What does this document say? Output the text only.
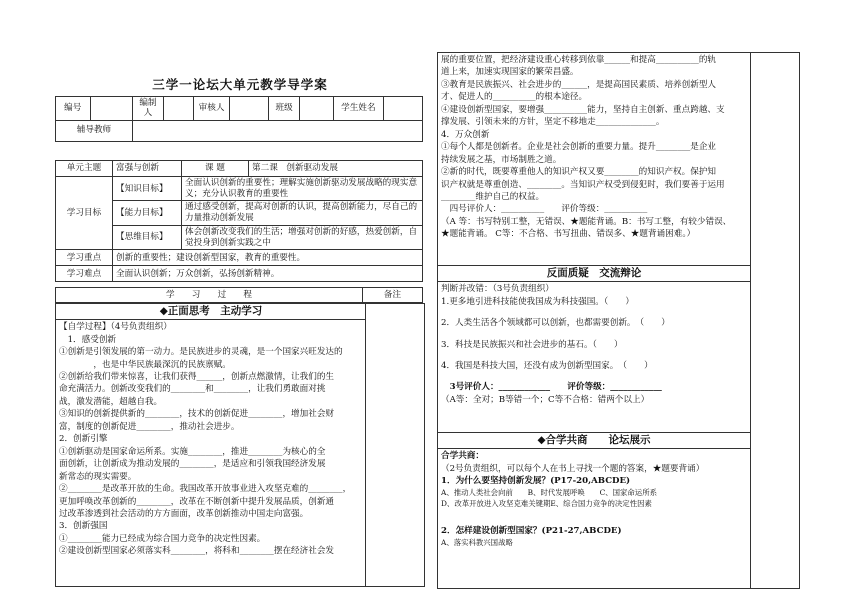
三学一论坛大单元教学导学案
编号		编制人		审核人		班级		学生姓名	
辅导教师									
单元主题	富强与创新	课 题	第二课　创新驱动发展
学习目标	【知识目标】	全面认识创新的重要性；理解实施创新驱动发展战略的现实意义；充分认识教育的重要性	
	【能力目标】	通过感受创新，提高对创新的认识，提高创新能力，尽自己的力量推动创新发展	
	【思维目标】	体会创新改变我们的生活；增强对创新的好感，热爱创新，自觉投身到创新实践之中	
学习重点	创新的重要性；建设创新型国家，教育的重要性。		
学习难点	全面认识创新；万众创新，弘扬创新精神。		
学　　习　　过　　程	备注
◆正面思考　主动学习
【自学过程】（4号负责组织）
　1．感受创新
①创新是引领发展的第一动力。是民族进步的灵魂，是一个国家兴旺发达的
　　　　，也是中华民族最深沉的民族禀赋。
②创新给我们带来惊喜，让我们获得______，创新点燃激情，让我们的生
命充满活力。创新改变我们的________和________，让我们勇敢面对挑
战，激发潜能，超越自我。
③知识的创新提供新的________，技术的创新促进________，增加社会财
富，制度的创新促进________，推动社会进步。
2．创新引擎
①创新驱动是国家命运所系。实施________，推进________为核心的全
面创新，让创新成为推动发展的________，是适应和引领我国经济发展
新常态的现实需要。
②________是改革开放的生命。我国改革开放事业进入攻坚克难的________，
更加呼唤改革创新的________，改革在不断创新中提升发展品质，创新通
过改革渗透到社会活动的方方面面，改革创新推动中国走向富强。
3．创新强国
①________能力已经成为综合国力竞争的决定性因素。
②建设创新型国家必须落实科________，将科和________摆在经济社会发
展的重要位置，把经济建设重心转移到依靠______和提高__________的轨
道上来，加速实现国家的繁荣昌盛。
③教育是民族振兴、社会进步的______，是提高国民素质、培养创新型人
才、促进人的__________的根本途径。
④建设创新型国家，要增强__________能力，坚持自主创新、重点跨越、支
撑发展、引领未来的方针，坚定不移地走______________。
4．万众创新
①每个人都是创新者。企业是社会创新的重要力量。提升________是企业
持续发展之基，市场制胜之道。
②新的时代，既要尊重他人的知识产权又要________的知识产权。保护知
识产权就是尊重创造、________。当知识产权受到侵犯时，我们要善于运用
________维护自己的权益。
　四号评价人：__________　　评价等级：__________
（A 等：书写特别工整，无错误、★题能背诵。B：书写工整，有较少错误、
★题能背诵。 C等：不合格、书写扭曲、错误多、★题背诵困难。）
反面质疑　交流辩论
判断并改错：（3号负责组织）
1.更多地引进科技能使我国成为科技强国。（　　）
2．人类生活各个领域都可以创新，也都需要创新。　（　　）
3．科技是民族振兴和社会进步的基石。（　　）
4．我国是科技大国，还没有成为创新型国家。　（　　）
　3号评价人：____________　　评价等级：____________
（A等：全对；B等错一个；C等不合格：错两个以上）
◆合学共商　　论坛展示
合学共商：
（2号负责组织，可以每个人在书上寻找一个题的答案，★题要背诵）
1．为什么要坚持创新发展？(P17-20,ABCDE)
A、推动人类社会向前　　B、时代发展呼唤　　C、国家命运所系
D、改革开放进入攻坚克难关键期E、综合国力竞争的决定性因素
2．怎样建设创新型国家？(P21-27,ABCDE)
A、落实科教兴国战略
